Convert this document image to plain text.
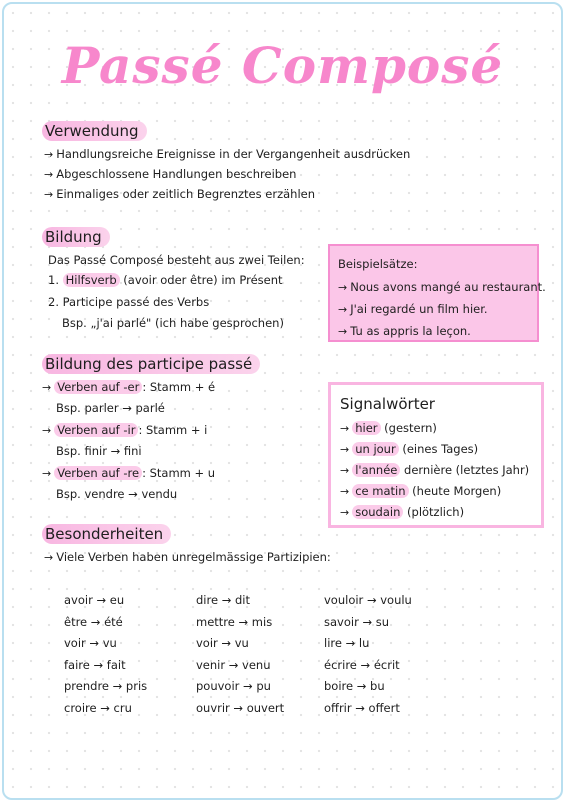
Passé Composé
Verwendung
→ Handlungsreiche Ereignisse in der Vergangenheit ausdrücken
→ Abgeschlossene Handlungen beschreiben
→ Einmaliges oder zeitlich Begrenztes erzählen
Bildung
Das Passé Composé besteht aus zwei Teilen:
1. Hilfsverb (avoir oder être) im Présent
2. Participe passé des Verbs
Bsp. „j'ai parlé" (ich habe gesprochen)
Bildung des participe passé
→ Verben auf -er : Stamm + é
Bsp. parler → parlé
→ Verben auf -ir : Stamm + i
Bsp. finir → fini
→ Verben auf -re : Stamm + u
Bsp. vendre → vendu
Beispielsätze:
→ Nous avons mangé au restaurant.
→ J'ai regardé un film hier.
→ Tu as appris la leçon.
Signalwörter
→ hier (gestern)
→ un jour (eines Tages)
→ l'année dernière (letztes Jahr)
→ ce matin (heute Morgen)
→ soudain (plötzlich)
Besonderheiten
→ Viele Verben haben unregelmässige Partizipien:
avoir → eu
être → été
voir → vu
faire → fait
prendre → pris
croire → cru
dire → dit
mettre → mis
voir → vu
venir → venu
pouvoir → pu
ouvrir → ouvert
vouloir → voulu
savoir → su
lire → lu
écrire → écrit
boire → bu
offrir → offert
